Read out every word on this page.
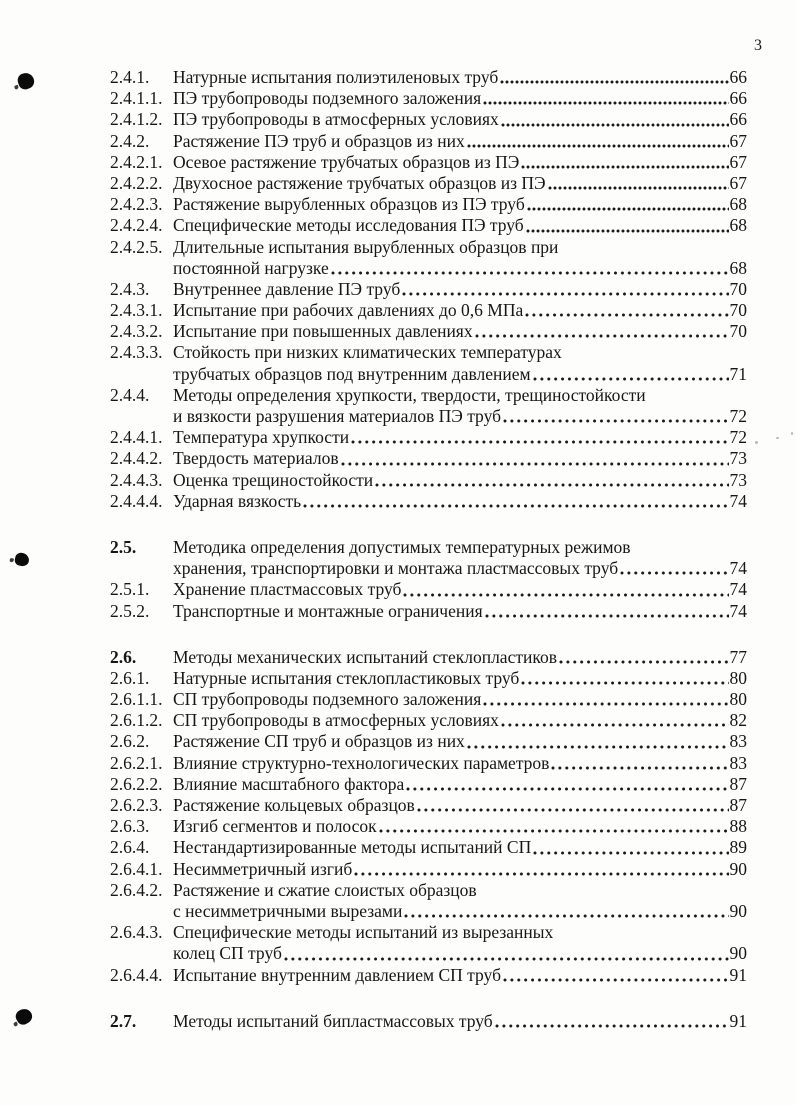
3
2.4.1.	Натурные испытания полиэтиленовых труб	66
2.4.1.1. ПЭ трубопроводы подземного заложения	66
2.4.1.2. ПЭ трубопроводы в атмосферных условиях	66
2.4.2.	Растяжение ПЭ труб и образцов из них	67
2.4.2.1. Осевое растяжение трубчатых образцов из ПЭ	67
2.4.2.2. Двухосное растяжение трубчатых образцов из ПЭ	67
2.4.2.3. Растяжение вырубленных образцов из ПЭ труб	68
2.4.2.4. Специфические методы исследования ПЭ труб	68
2.4.2.5. Длительные испытания вырубленных образцов при
постоянной нагрузке	68
2.4.3.	Внутреннее давление ПЭ труб	70
2.4.3.1. Испытание при рабочих давлениях до 0,6 МПа	70
2.4.3.2. Испытание при повышенных давлениях	70
2.4.3.3. Стойкость при низких климатических температурах
трубчатых образцов под внутренним давлением	71
2.4.4.	Методы определения хрупкости, твердости, трещиностойкости
и вязкости разрушения материалов ПЭ труб	72
2.4.4.1. Температура хрупкости	72
2.4.4.2. Твердость материалов	73
2.4.4.3. Оценка трещиностойкости	73
2.4.4.4. Ударная вязкость	74
2.5.	Методика определения допустимых температурных режимов
хранения, транспортировки и монтажа пластмассовых труб	74
2.5.1.	Хранение пластмассовых труб	74
2.5.2.	Транспортные и монтажные ограничения	74
2.6.	Методы механических испытаний стеклопластиков	77
2.6.1.	Натурные испытания стеклопластиковых труб	80
2.6.1.1. СП трубопроводы подземного заложения	80
2.6.1.2. СП трубопроводы в атмосферных условиях	82
2.6.2.	Растяжение СП труб и образцов из них	83
2.6.2.1. Влияние структурно-технологических параметров	83
2.6.2.2. Влияние масштабного фактора	87
2.6.2.3. Растяжение кольцевых образцов	87
2.6.3.	Изгиб сегментов и полосок	88
2.6.4.	Нестандартизированные методы испытаний СП	89
2.6.4.1. Несимметричный изгиб	90
2.6.4.2. Растяжение и сжатие слоистых образцов
с несимметричными вырезами	90
2.6.4.3. Специфические методы испытаний из вырезанных
колец СП труб	90
2.6.4.4. Испытание внутренним давлением СП труб	91
2.7.	Методы испытаний бипластмассовых труб	91
